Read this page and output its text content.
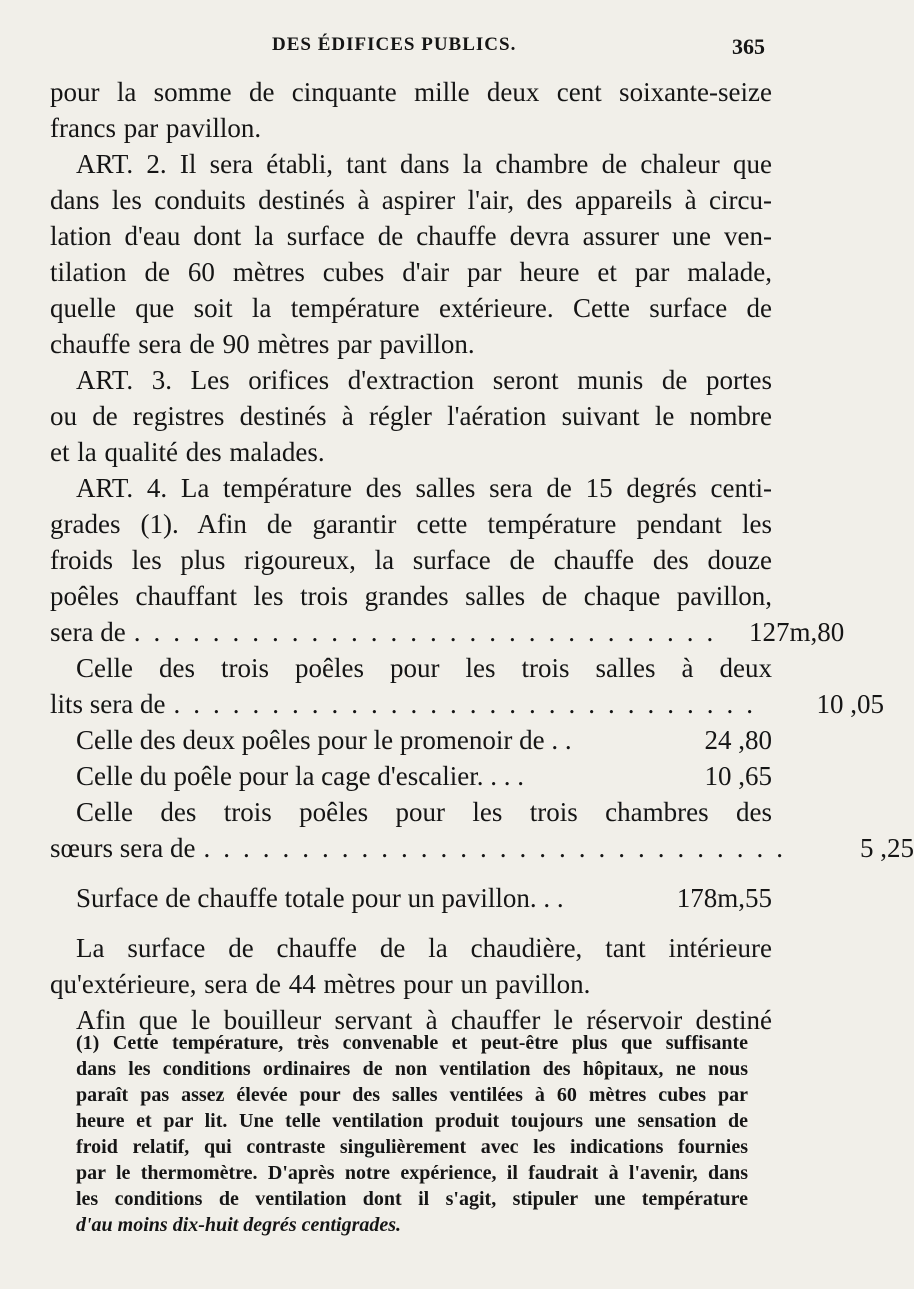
DES ÉDIFICES PUBLICS.	365
pour la somme de cinquante mille deux cent soixante-seize
francs par pavillon.
ART. 2. Il sera établi, tant dans la chambre de chaleur que
dans les conduits destinés à aspirer l'air, des appareils à circu-
lation d'eau dont la surface de chauffe devra assurer une ven-
tilation de 60 mètres cubes d'air par heure et par malade,
quelle que soit la température extérieure. Cette surface de
chauffe sera de 90 mètres par pavillon.
ART. 3. Les orifices d'extraction seront munis de portes
ou de registres destinés à régler l'aération suivant le nombre
et la qualité des malades.
ART. 4. La température des salles sera de 15 degrés centi-
grades (1). Afin de garantir cette température pendant les
froids les plus rigoureux, la surface de chauffe des douze
poêles chauffant les trois grandes salles de chaque pavillon,
sera de .............................. 127m,80
Celle des trois poêles pour les trois salles à deux
lits sera de ..............................	10 ,05
Celle des deux poêles pour le promenoir de . .	24 ,80
Celle du poêle pour la cage d'escalier. . . .	10 ,65
Celle des trois poêles pour les trois chambres des
sœurs sera de ..............................	5 ,25
Surface de chauffe totale pour un pavillon. . .	178m,55
La surface de chauffe de la chaudière, tant intérieure
qu'extérieure, sera de 44 mètres pour un pavillon.
Afin que le bouilleur servant à chauffer le réservoir destiné
(1) Cette température, très convenable et peut-être plus que suffisante
dans les conditions ordinaires de non ventilation des hôpitaux, ne nous
paraît pas assez élevée pour des salles ventilées à 60 mètres cubes par
heure et par lit. Une telle ventilation produit toujours une sensation de
froid relatif, qui contraste singulièrement avec les indications fournies
par le thermomètre. D'après notre expérience, il faudrait à l'avenir, dans
les conditions de ventilation dont il s'agit, stipuler une température
d'au moins dix-huit degrés centigrades.
